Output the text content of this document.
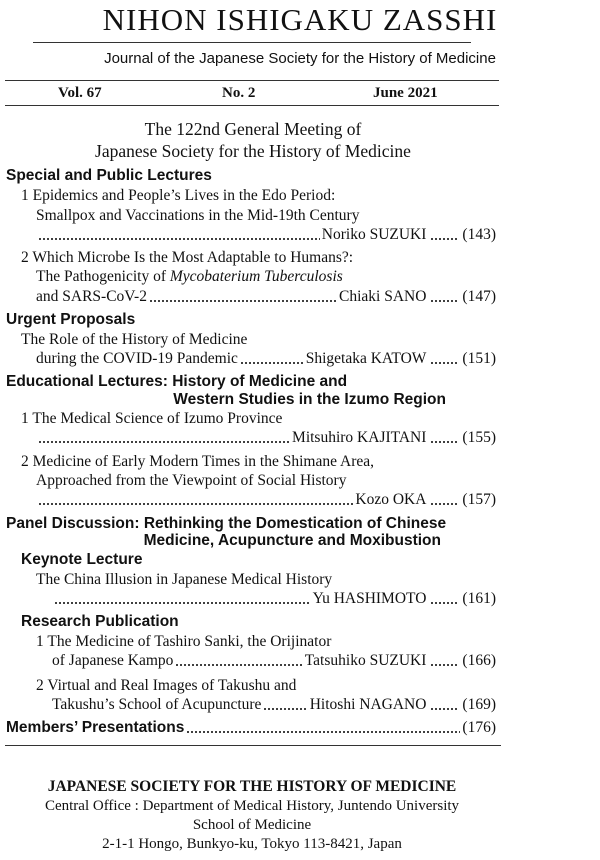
NIHON ISHIGAKU ZASSHI
Journal of the Japanese Society for the History of Medicine
Vol. 67	No. 2	June 2021
The 122nd General Meeting of
Japanese Society for the History of Medicine
Special and Public Lectures
1 Epidemics and People’s Lives in the Edo Period:
Smallpox and Vaccinations in the Mid-19th Century
Noriko SUZUKI (143)
2 Which Microbe Is the Most Adaptable to Humans?:
The Pathogenicity of Mycobaterium Tuberculosis
and SARS-CoV-2	Chiaki SANO (147)
Urgent Proposals
The Role of the History of Medicine
during the COVID-19 Pandemic	Shigetaka KATOW (151)
Educational Lectures: History of Medicine and
Western Studies in the Izumo Region
1 The Medical Science of Izumo Province
Mitsuhiro KAJITANI (155)
2 Medicine of Early Modern Times in the Shimane Area,
Approached from the Viewpoint of Social History
Kozo OKA (157)
Panel Discussion: Rethinking the Domestication of Chinese
Medicine, Acupuncture and Moxibustion
Keynote Lecture
The China Illusion in Japanese Medical History
Yu HASHIMOTO (161)
Research Publication
1 The Medicine of Tashiro Sanki, the Orijinator
of Japanese Kampo	Tatsuhiko SUZUKI (166)
2 Virtual and Real Images of Takushu and
Takushu’s School of Acupuncture	Hitoshi NAGANO (169)
Members’ Presentations	(176)
JAPANESE SOCIETY FOR THE HISTORY OF MEDICINE
Central Office : Department of Medical History, Juntendo University
School of Medicine
2-1-1 Hongo, Bunkyo-ku, Tokyo 113-8421, Japan
